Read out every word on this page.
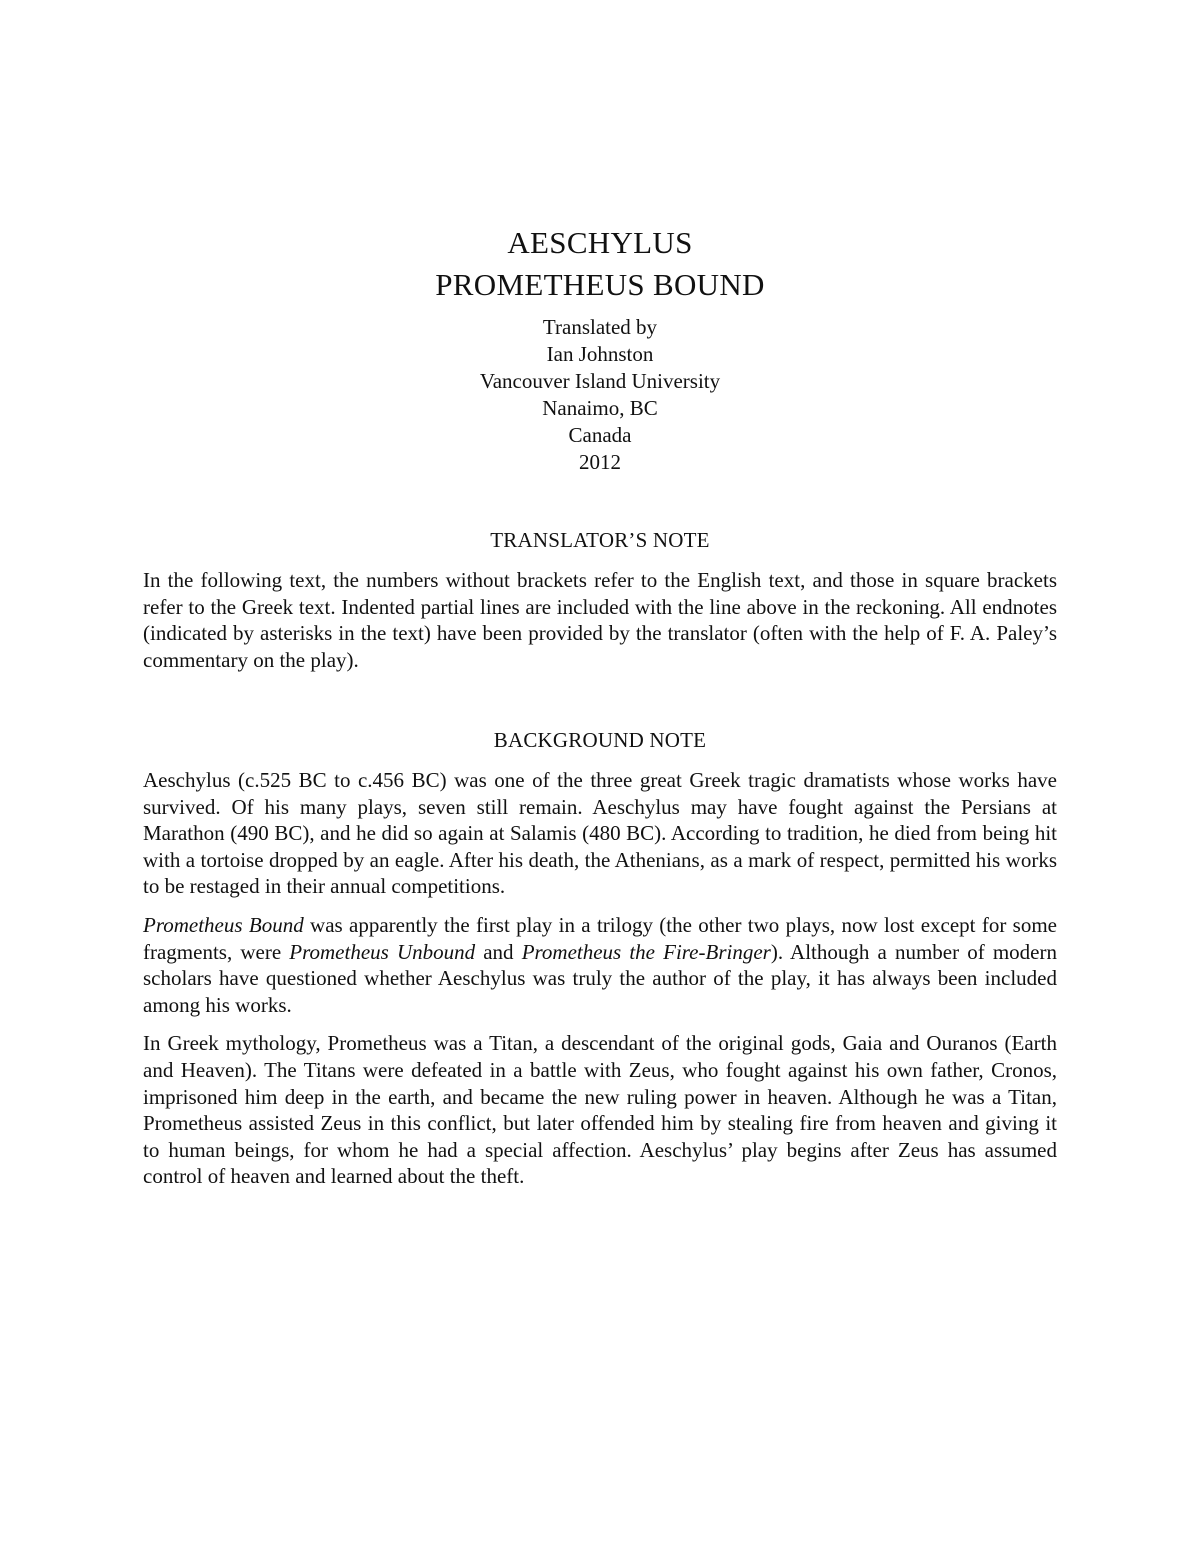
AESCHYLUS
PROMETHEUS BOUND
Translated by
Ian Johnston
Vancouver Island University
Nanaimo, BC
Canada
2012
TRANSLATOR’S NOTE

In the following text, the numbers without brackets refer to the English text, and those in square brackets refer to the Greek text. Indented partial lines are included with the line above in the reckoning. All endnotes (indicated by asterisks in the text) have been provided by the translator (often with the help of F. A. Paley’s commentary on the play).

BACKGROUND NOTE

Aeschylus (c.525 BC to c.456 BC) was one of the three great Greek tragic dramatists whose works have survived. Of his many plays, seven still remain. Aeschylus may have fought against the Persians at Marathon (490 BC), and he did so again at Salamis (480 BC). According to tradition, he died from being hit with a tortoise dropped by an eagle. After his death, the Athenians, as a mark of respect, permitted his works to be restaged in their annual competitions.

Prometheus Bound was apparently the first play in a trilogy (the other two plays, now lost except for some fragments, were Prometheus Unbound and Prometheus the Fire-Bringer). Although a number of modern scholars have questioned whether Aeschylus was truly the author of the play, it has always been included among his works.

In Greek mythology, Prometheus was a Titan, a descendant of the original gods, Gaia and Ouranos (Earth and Heaven). The Titans were defeated in a battle with Zeus, who fought against his own father, Cronos, imprisoned him deep in the earth, and became the new ruling power in heaven. Although he was a Titan, Prometheus assisted Zeus in this conflict, but later offended him by stealing fire from heaven and giving it to human beings, for whom he had a special affection. Aeschylus’ play begins after Zeus has assumed control of heaven and learned about the theft.
